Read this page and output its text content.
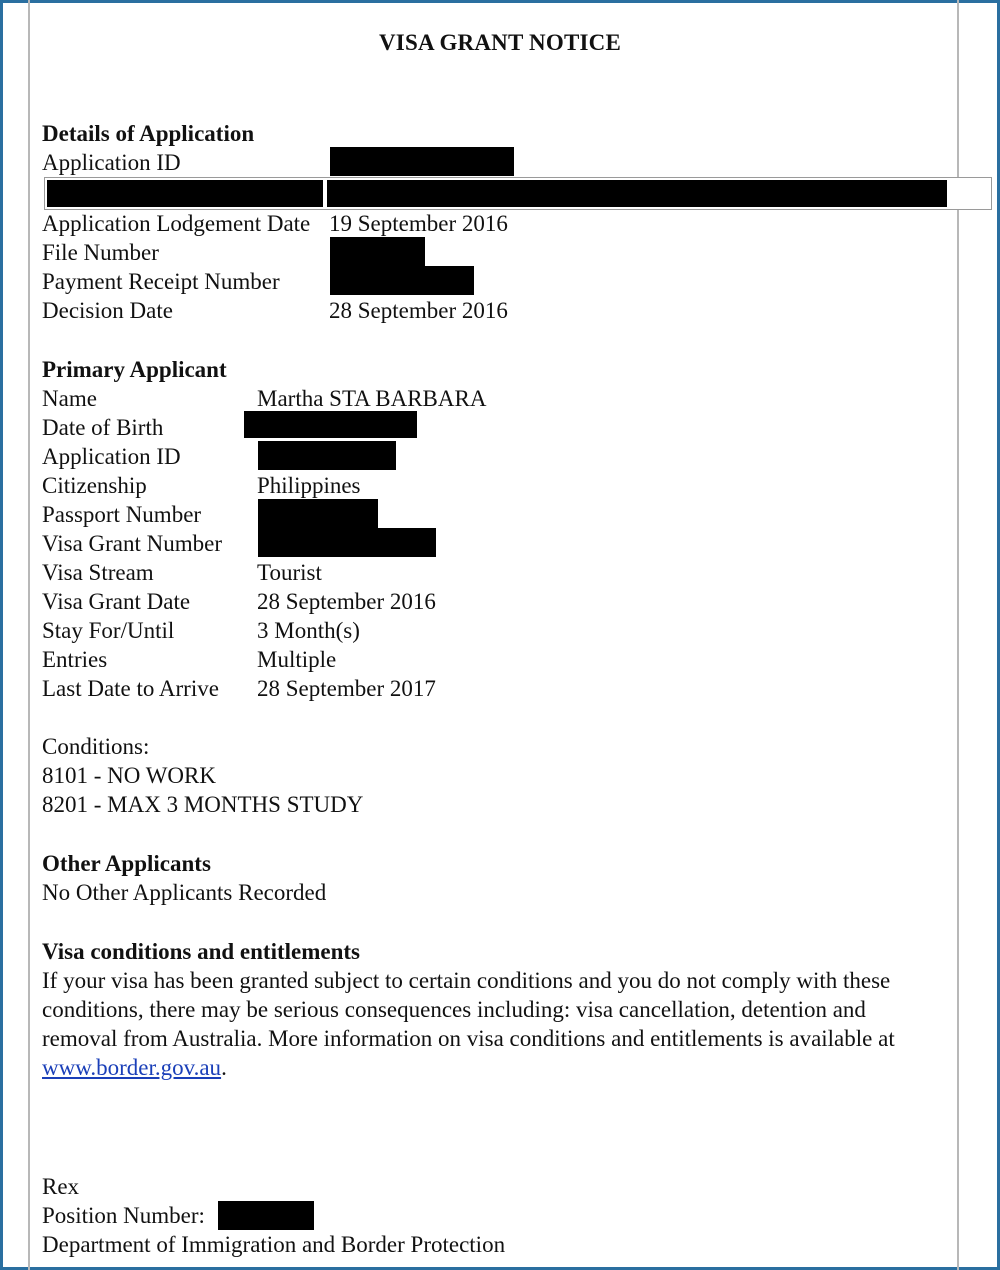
VISA GRANT NOTICE
Details of Application
Application ID
Application Lodgement Date 19 September 2016
File Number
Payment Receipt Number
Decision Date	28 September 2016
Primary Applicant
Name	Martha STA BARBARA
Date of Birth
Application ID
Citizenship	Philippines
Passport Number
Visa Grant Number
Visa Stream	Tourist
Visa Grant Date	28 September 2016
Stay For/Until	3 Month(s)
Entries	Multiple
Last Date to Arrive 28 September 2017
Conditions:
8101 - NO WORK
8201 - MAX 3 MONTHS STUDY
Other Applicants
No Other Applicants Recorded
Visa conditions and entitlements
If your visa has been granted subject to certain conditions and you do not comply with these conditions, there may be serious consequences including: visa cancellation, detention and removal from Australia. More information on visa conditions and entitlements is available at www.border.gov.au.
Rex
Position Number:
Department of Immigration and Border Protection
